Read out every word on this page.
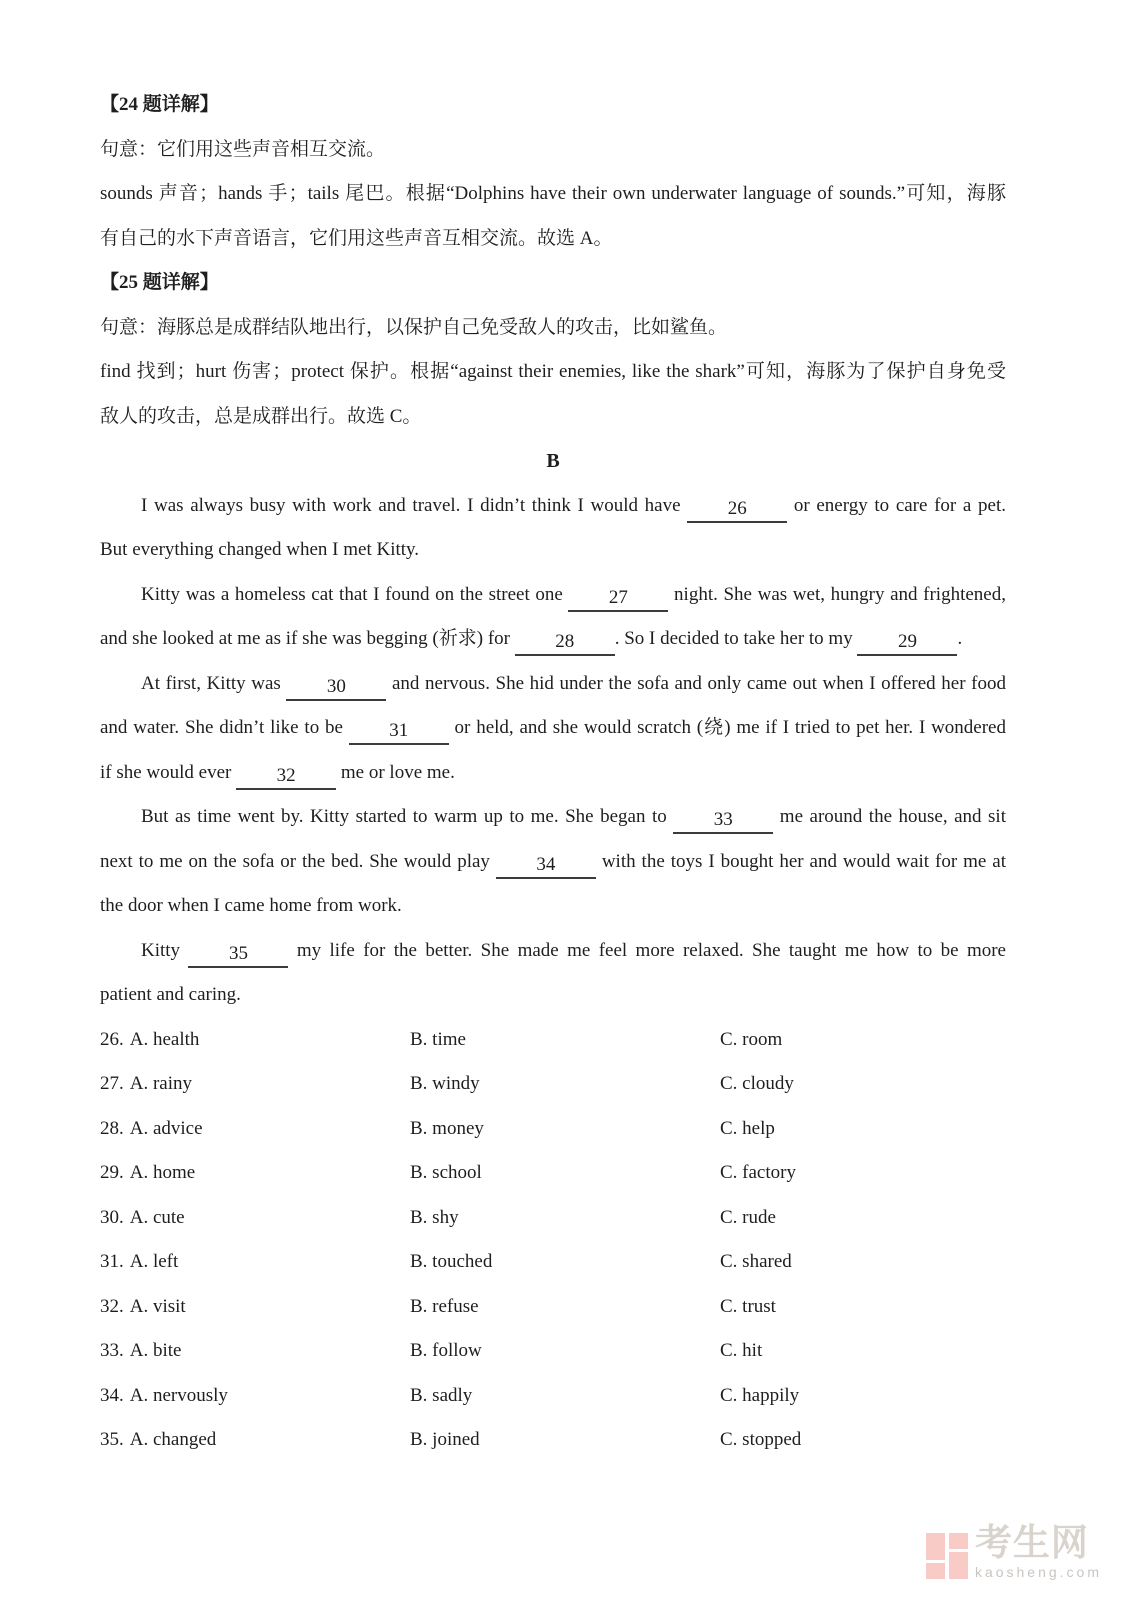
【24 题详解】
句意：它们用这些声音相互交流。
sounds 声音；hands 手；tails 尾巴。根据“Dolphins have their own underwater language of sounds.”可知，海豚
有自己的水下声音语言，它们用这些声音互相交流。故选 A。
【25 题详解】
句意：海豚总是成群结队地出行，以保护自己免受敌人的攻击，比如鲨鱼。
find 找到；hurt 伤害；protect 保护。根据“against their enemies, like the shark”可知，海豚为了保护自身免受
敌人的攻击，总是成群出行。故选 C。
B
I was always busy with work and travel. I didn’t think I would have 26 or energy to care for a pet.
But everything changed when I met Kitty.
Kitty was a homeless cat that I found on the street one 27 night. She was wet, hungry and frightened,
and she looked at me as if she was begging (祈求) for 28 . So I decided to take her to my 29 .
At first, Kitty was 30 and nervous. She hid under the sofa and only came out when I offered her food
and water. She didn’t like to be 31 or held, and she would scratch (绕) me if I tried to pet her. I wondered
if she would ever 32 me or love me.
But as time went by. Kitty started to warm up to me. She began to 33 me around the house, and sit
next to me on the sofa or the bed. She would play 34 with the toys I bought her and would wait for me at
the door when I came home from work.
Kitty 35 my life for the better. She made me feel more relaxed. She taught me how to be more
patient and caring.
26. A. health	B. time	C. room
27. A. rainy	B. windy	C. cloudy
28. A. advice	B. money	C. help
29. A. home	B. school	C. factory
30. A. cute	B. shy	C. rude
31. A. left	B. touched	C. shared
32. A. visit	B. refuse	C. trust
33. A. bite	B. follow	C. hit
34. A. nervously	B. sadly	C. happily
35. A. changed	B. joined	C. stopped
考生网
kaosheng.com
